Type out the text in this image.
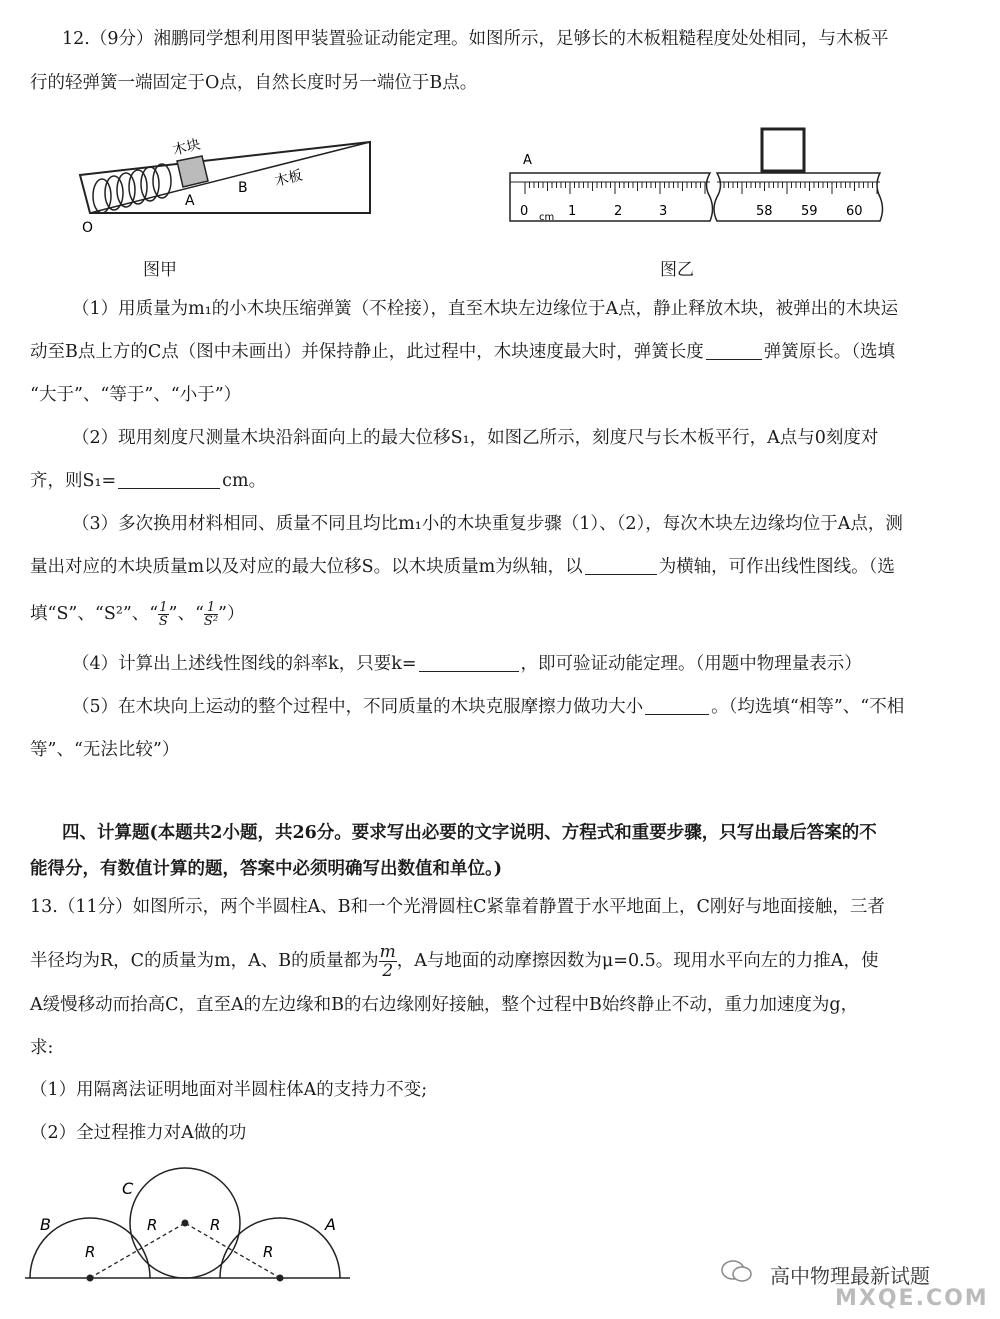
12.（9分）湘鹏同学想利用图甲装置验证动能定理。如图所示，足够长的木板粗糙程度处处相同，与木板平
行的轻弹簧一端固定于O点，自然长度时另一端位于B点。
木块
木板
O
A
B
图甲
A
0 cm 1	2	3	58 59 60
图乙
（1）用质量为m₁的小木块压缩弹簧（不栓接），直至木块左边缘位于A点，静止释放木块，被弹出的木块运
动至B点上方的C点（图中未画出）并保持静止，此过程中，木块速度最大时，弹簧长度	弹簧原长。（选填
“大于”、“等于”、“小于”）
（2）现用刻度尺测量木块沿斜面向上的最大位移S₁，如图乙所示，刻度尺与长木板平行，A点与0刻度对
齐，则S₁=	cm。
（3）多次换用材料相同、质量不同且均比m₁小的木块重复步骤（1）、（2），每次木块左边缘均位于A点，测
量出对应的木块质量m以及对应的最大位移S。以木块质量m为纵轴，以	为横轴，可作出线性图线。（选
填“S”、“S²”、“ $\frac{1}{S}$ ”、“ $\frac{1}{\text{S²}}$ ”）
（4）计算出上述线性图线的斜率k，只要k=	，即可验证动能定理。（用题中物理量表示）
（5）在木块向上运动的整个过程中，不同质量的木块克服摩擦力做功大小	。（均选填“相等”、“不相
等”、“无法比较”）
四、计算题(本题共2小题，共26分。要求写出必要的文字说明、方程式和重要步骤，只写出最后答案的不
能得分，有数值计算的题，答案中必须明确写出数值和单位。)
13.（11分）如图所示，两个半圆柱A、B和一个光滑圆柱C紧靠着静置于水平地面上，C刚好与地面接触，三者
半径均为R，C的质量为m，A、B的质量都为 $\frac{m}{2}$ ，A与地面的动摩擦因数为μ=0.5。现用水平向左的力推A，使
A缓慢移动而抬高C，直至A的左边缘和B的右边缘刚好接触，整个过程中B始终静止不动，重力加速度为g，
求:
（1）用隔离法证明地面对半圆柱体A的支持力不变;
（2）全过程推力对A做的功
B
C
A
R
R	R
R
高中物理最新试题
MXQE.COM
